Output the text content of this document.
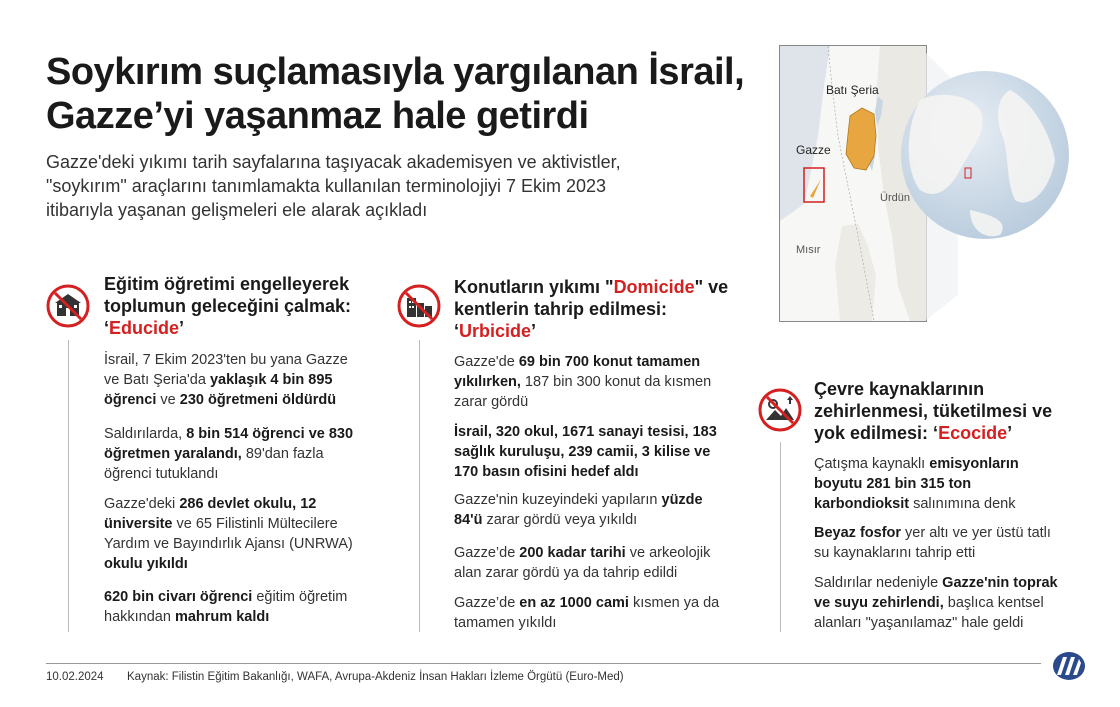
Soykırım suçlamasıyla yargılanan İsrail,
Gazze’yi yaşanmaz hale getirdi
Gazze'deki yıkımı tarih sayfalarına taşıyacak akademisyen ve aktivistler,
"soykırım" araçlarını tanımlamakta kullanılan terminolojiyi 7 Ekim 2023
itibarıyla yaşanan gelişmeleri ele alarak açıkladı
Batı Şeria
Gazze
Ürdün
Mısır
Eğitim öğretimi engelleyerek
toplumun geleceğini çalmak:
‘Educide’
İsrail, 7 Ekim 2023'ten bu yana Gazze
ve Batı Şeria'da yaklaşık 4 bin 895
öğrenci ve 230 öğretmeni öldürdü
Saldırılarda, 8 bin 514 öğrenci ve 830
öğretmen yaralandı, 89'dan fazla
öğrenci tutuklandı
Gazze'deki 286 devlet okulu, 12
üniversite ve 65 Filistinli Mültecilere
Yardım ve Bayındırlık Ajansı (UNRWA)
okulu yıkıldı
620 bin civarı öğrenci eğitim öğretim
hakkından mahrum kaldı
Konutların yıkımı "Domicide" ve
kentlerin tahrip edilmesi:
‘Urbicide’
Gazze'de 69 bin 700 konut tamamen
yıkılırken, 187 bin 300 konut da kısmen
zarar gördü
İsrail, 320 okul, 1671 sanayi tesisi, 183
sağlık kuruluşu, 239 camii, 3 kilise ve
170 basın ofisini hedef aldı
Gazze'nin kuzeyindeki yapıların yüzde
84'ü zarar gördü veya yıkıldı
Gazze’de 200 kadar tarihi ve arkeolojik
alan zarar gördü ya da tahrip edildi
Gazze’de en az 1000 cami kısmen ya da
tamamen yıkıldı
Çevre kaynaklarının
zehirlenmesi, tüketilmesi ve
yok edilmesi: ‘Ecocide’
Çatışma kaynaklı emisyonların
boyutu 281 bin 315 ton
karbondioksit salınımına denk
Beyaz fosfor yer altı ve yer üstü tatlı
su kaynaklarını tahrip etti
Saldırılar nedeniyle Gazze'nin toprak
ve suyu zehirlendi, başlıca kentsel
alanları "yaşanılamaz" hale geldi
10.02.2024 Kaynak: Filistin Eğitim Bakanlığı, WAFA, Avrupa-Akdeniz İnsan Hakları İzleme Örgütü (Euro-Med)
